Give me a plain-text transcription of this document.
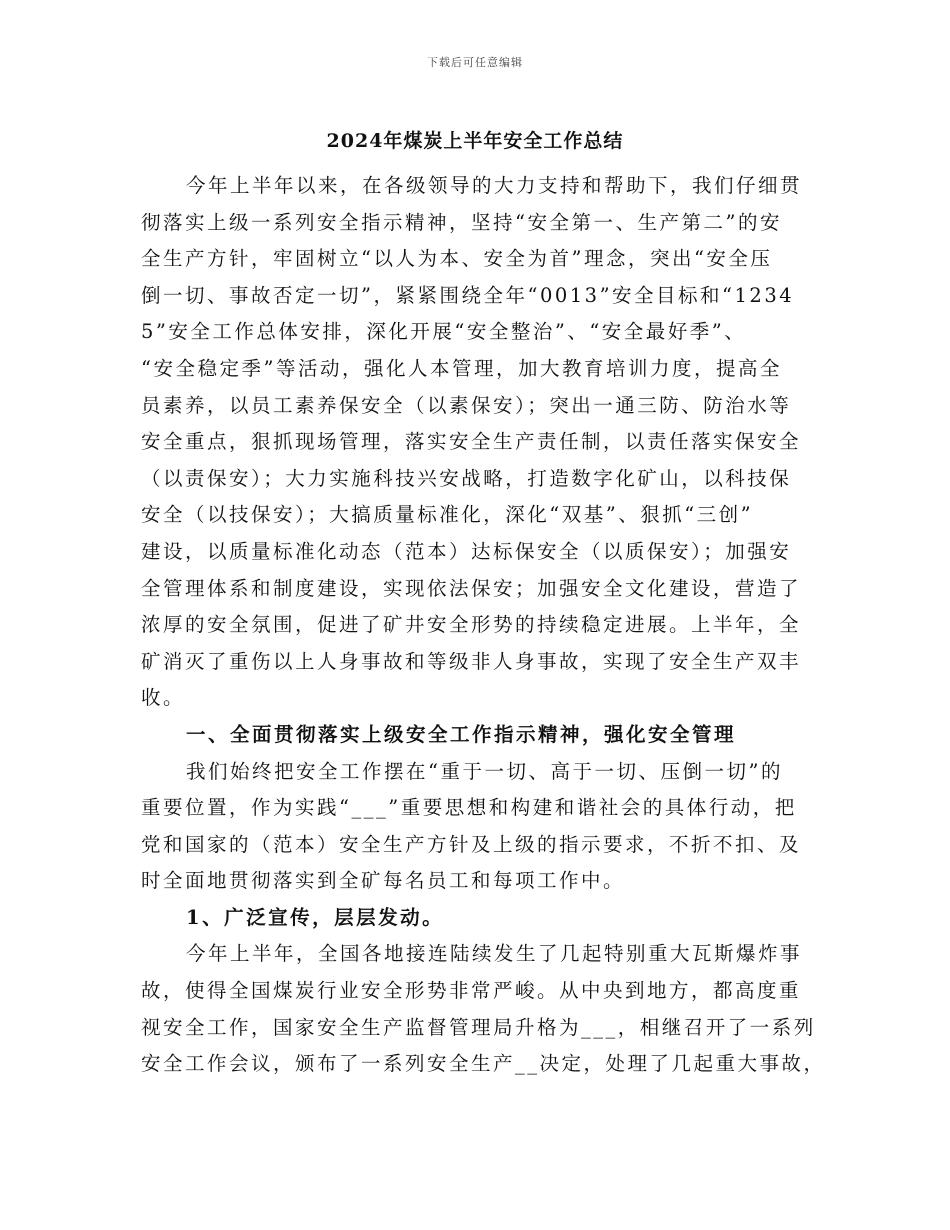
下载后可任意编辑
2024年煤炭上半年安全工作总结
今年上半年以来，在各级领导的大力支持和帮助下，我们仔细贯
彻落实上级一系列安全指示精神，坚持“安全第一、生产第二”的安
全生产方针，牢固树立“以人为本、安全为首”理念，突出“安全压
倒一切、事故否定一切”，紧紧围绕全年“0013”安全目标和“1234
5”安全工作总体安排，深化开展“安全整治”、“安全最好季”、
“安全稳定季”等活动，强化人本管理，加大教育培训力度，提高全
员素养，以员工素养保安全（以素保安）；突出一通三防、防治水等
安全重点，狠抓现场管理，落实安全生产责任制，以责任落实保安全
（以责保安）；大力实施科技兴安战略，打造数字化矿山，以科技保
安全（以技保安）；大搞质量标准化，深化“双基”、狠抓“三创”
建设，以质量标准化动态（范本）达标保安全（以质保安）；加强安
全管理体系和制度建设，实现依法保安；加强安全文化建设，营造了
浓厚的安全氛围，促进了矿井安全形势的持续稳定进展。上半年，全
矿消灭了重伤以上人身事故和等级非人身事故，实现了安全生产双丰
收。
一、全面贯彻落实上级安全工作指示精神，强化安全管理
我们始终把安全工作摆在“重于一切、高于一切、压倒一切”的
重要位置，作为实践“___”重要思想和构建和谐社会的具体行动，把
党和国家的（范本）安全生产方针及上级的指示要求，不折不扣、及
时全面地贯彻落实到全矿每名员工和每项工作中。
1、广泛宣传，层层发动。
今年上半年，全国各地接连陆续发生了几起特别重大瓦斯爆炸事
故，使得全国煤炭行业安全形势非常严峻。从中央到地方，都高度重
视安全工作，国家安全生产监督管理局升格为___，相继召开了一系列
安全工作会议，颁布了一系列安全生产__决定，处理了几起重大事故，
